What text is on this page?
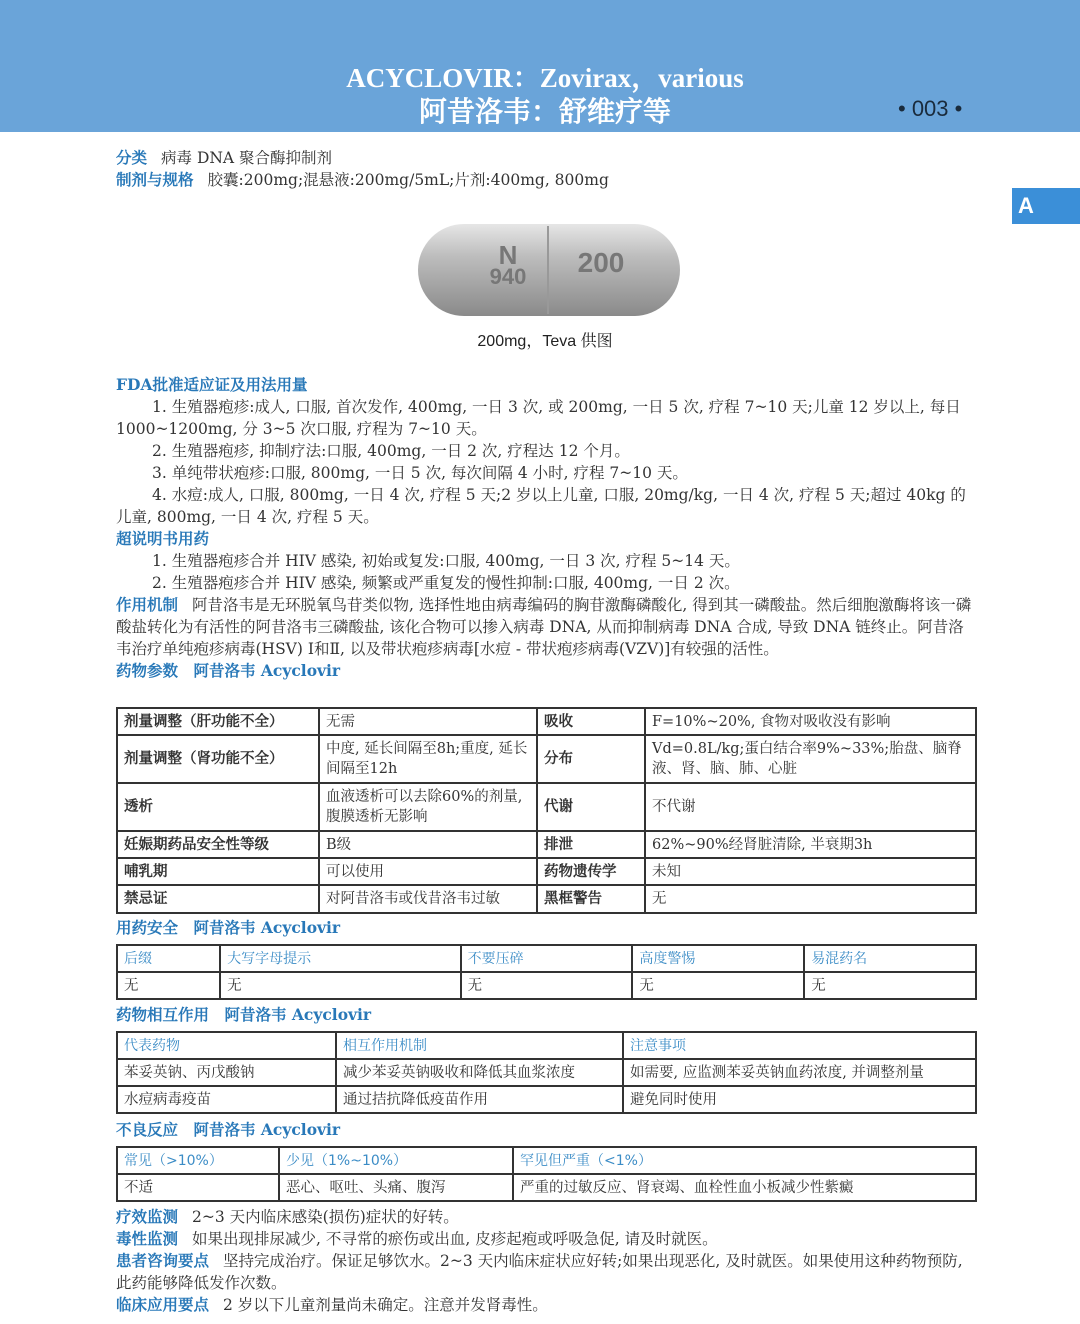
ACYCLOVIR：Zovirax，various
阿昔洛韦：舒维疗等	• 003 •
A
分类 病毒 DNA 聚合酶抑制剂
制剂与规格 胶囊:200mg;混悬液:200mg/5mL;片剂:400mg, 800mg
N
940 200
200mg，Teva 供图
FDA批准适应证及用法用量
1. 生殖器疱疹:成人, 口服, 首次发作, 400mg, 一日 3 次, 或 200mg, 一日 5 次, 疗程 7~10 天;儿童 12 岁以上, 每日 1000~1200mg, 分 3~5 次口服, 疗程为 7~10 天。
2. 生殖器疱疹, 抑制疗法:口服, 400mg, 一日 2 次, 疗程达 12 个月。
3. 单纯带状疱疹:口服, 800mg, 一日 5 次, 每次间隔 4 小时, 疗程 7~10 天。
4. 水痘:成人, 口服, 800mg, 一日 4 次, 疗程 5 天;2 岁以上儿童, 口服, 20mg/kg, 一日 4 次, 疗程 5 天;超过 40kg 的儿童, 800mg, 一日 4 次, 疗程 5 天。
超说明书用药
1. 生殖器疱疹合并 HIV 感染, 初始或复发:口服, 400mg, 一日 3 次, 疗程 5~14 天。
2. 生殖器疱疹合并 HIV 感染, 频繁或严重复发的慢性抑制:口服, 400mg, 一日 2 次。
作用机制 阿昔洛韦是无环脱氧鸟苷类似物, 选择性地由病毒编码的胸苷激酶磷酸化, 得到其一磷酸盐。然后细胞激酶将该一磷酸盐转化为有活性的阿昔洛韦三磷酸盐, 该化合物可以掺入病毒 DNA, 从而抑制病毒 DNA 合成, 导致 DNA 链终止。阿昔洛韦治疗单纯疱疹病毒(HSV) Ⅰ和Ⅱ, 以及带状疱疹病毒[水痘 - 带状疱疹病毒(VZV)]有较强的活性。
药物参数　阿昔洛韦 Acyclovir
剂量调整（肝功能不全）	无需	吸收	F=10%~20%, 食物对吸收没有影响
剂量调整（肾功能不全）	中度, 延长间隔至8h;重度, 延长间隔至12h	分布	Vd=0.8L/kg;蛋白结合率9%~33%;胎盘、脑脊液、肾、脑、肺、心脏
透析	血液透析可以去除60%的剂量, 腹膜透析无影响	代谢	不代谢
妊娠期药品安全性等级	B级	排泄	62%~90%经肾脏清除, 半衰期3h
哺乳期	可以使用	药物遗传学	未知
禁忌证	对阿昔洛韦或伐昔洛韦过敏	黑框警告	无
用药安全　阿昔洛韦 Acyclovir
后缀	大写字母提示	不要压碎	高度警惕	易混药名
无	无	无	无	无
药物相互作用　阿昔洛韦 Acyclovir
代表药物	相互作用机制	注意事项
苯妥英钠、丙戊酸钠	减少苯妥英钠吸收和降低其血浆浓度	如需要, 应监测苯妥英钠血药浓度, 并调整剂量
水痘病毒疫苗	通过拮抗降低疫苗作用	避免同时使用
不良反应　阿昔洛韦 Acyclovir
常见（>10%）	少见（1%~10%）	罕见但严重（<1%）
不适	恶心、呕吐、头痛、腹泻	严重的过敏反应、肾衰竭、血栓性血小板减少性紫癜
疗效监测 2~3 天内临床感染(损伤)症状的好转。
毒性监测 如果出现排尿减少, 不寻常的瘀伤或出血, 皮疹起疱或呼吸急促, 请及时就医。
患者咨询要点 坚持完成治疗。保证足够饮水。2~3 天内临床症状应好转;如果出现恶化, 及时就医。如果使用这种药物预防, 此药能够降低发作次数。
临床应用要点 2 岁以下儿童剂量尚未确定。注意并发肾毒性。
